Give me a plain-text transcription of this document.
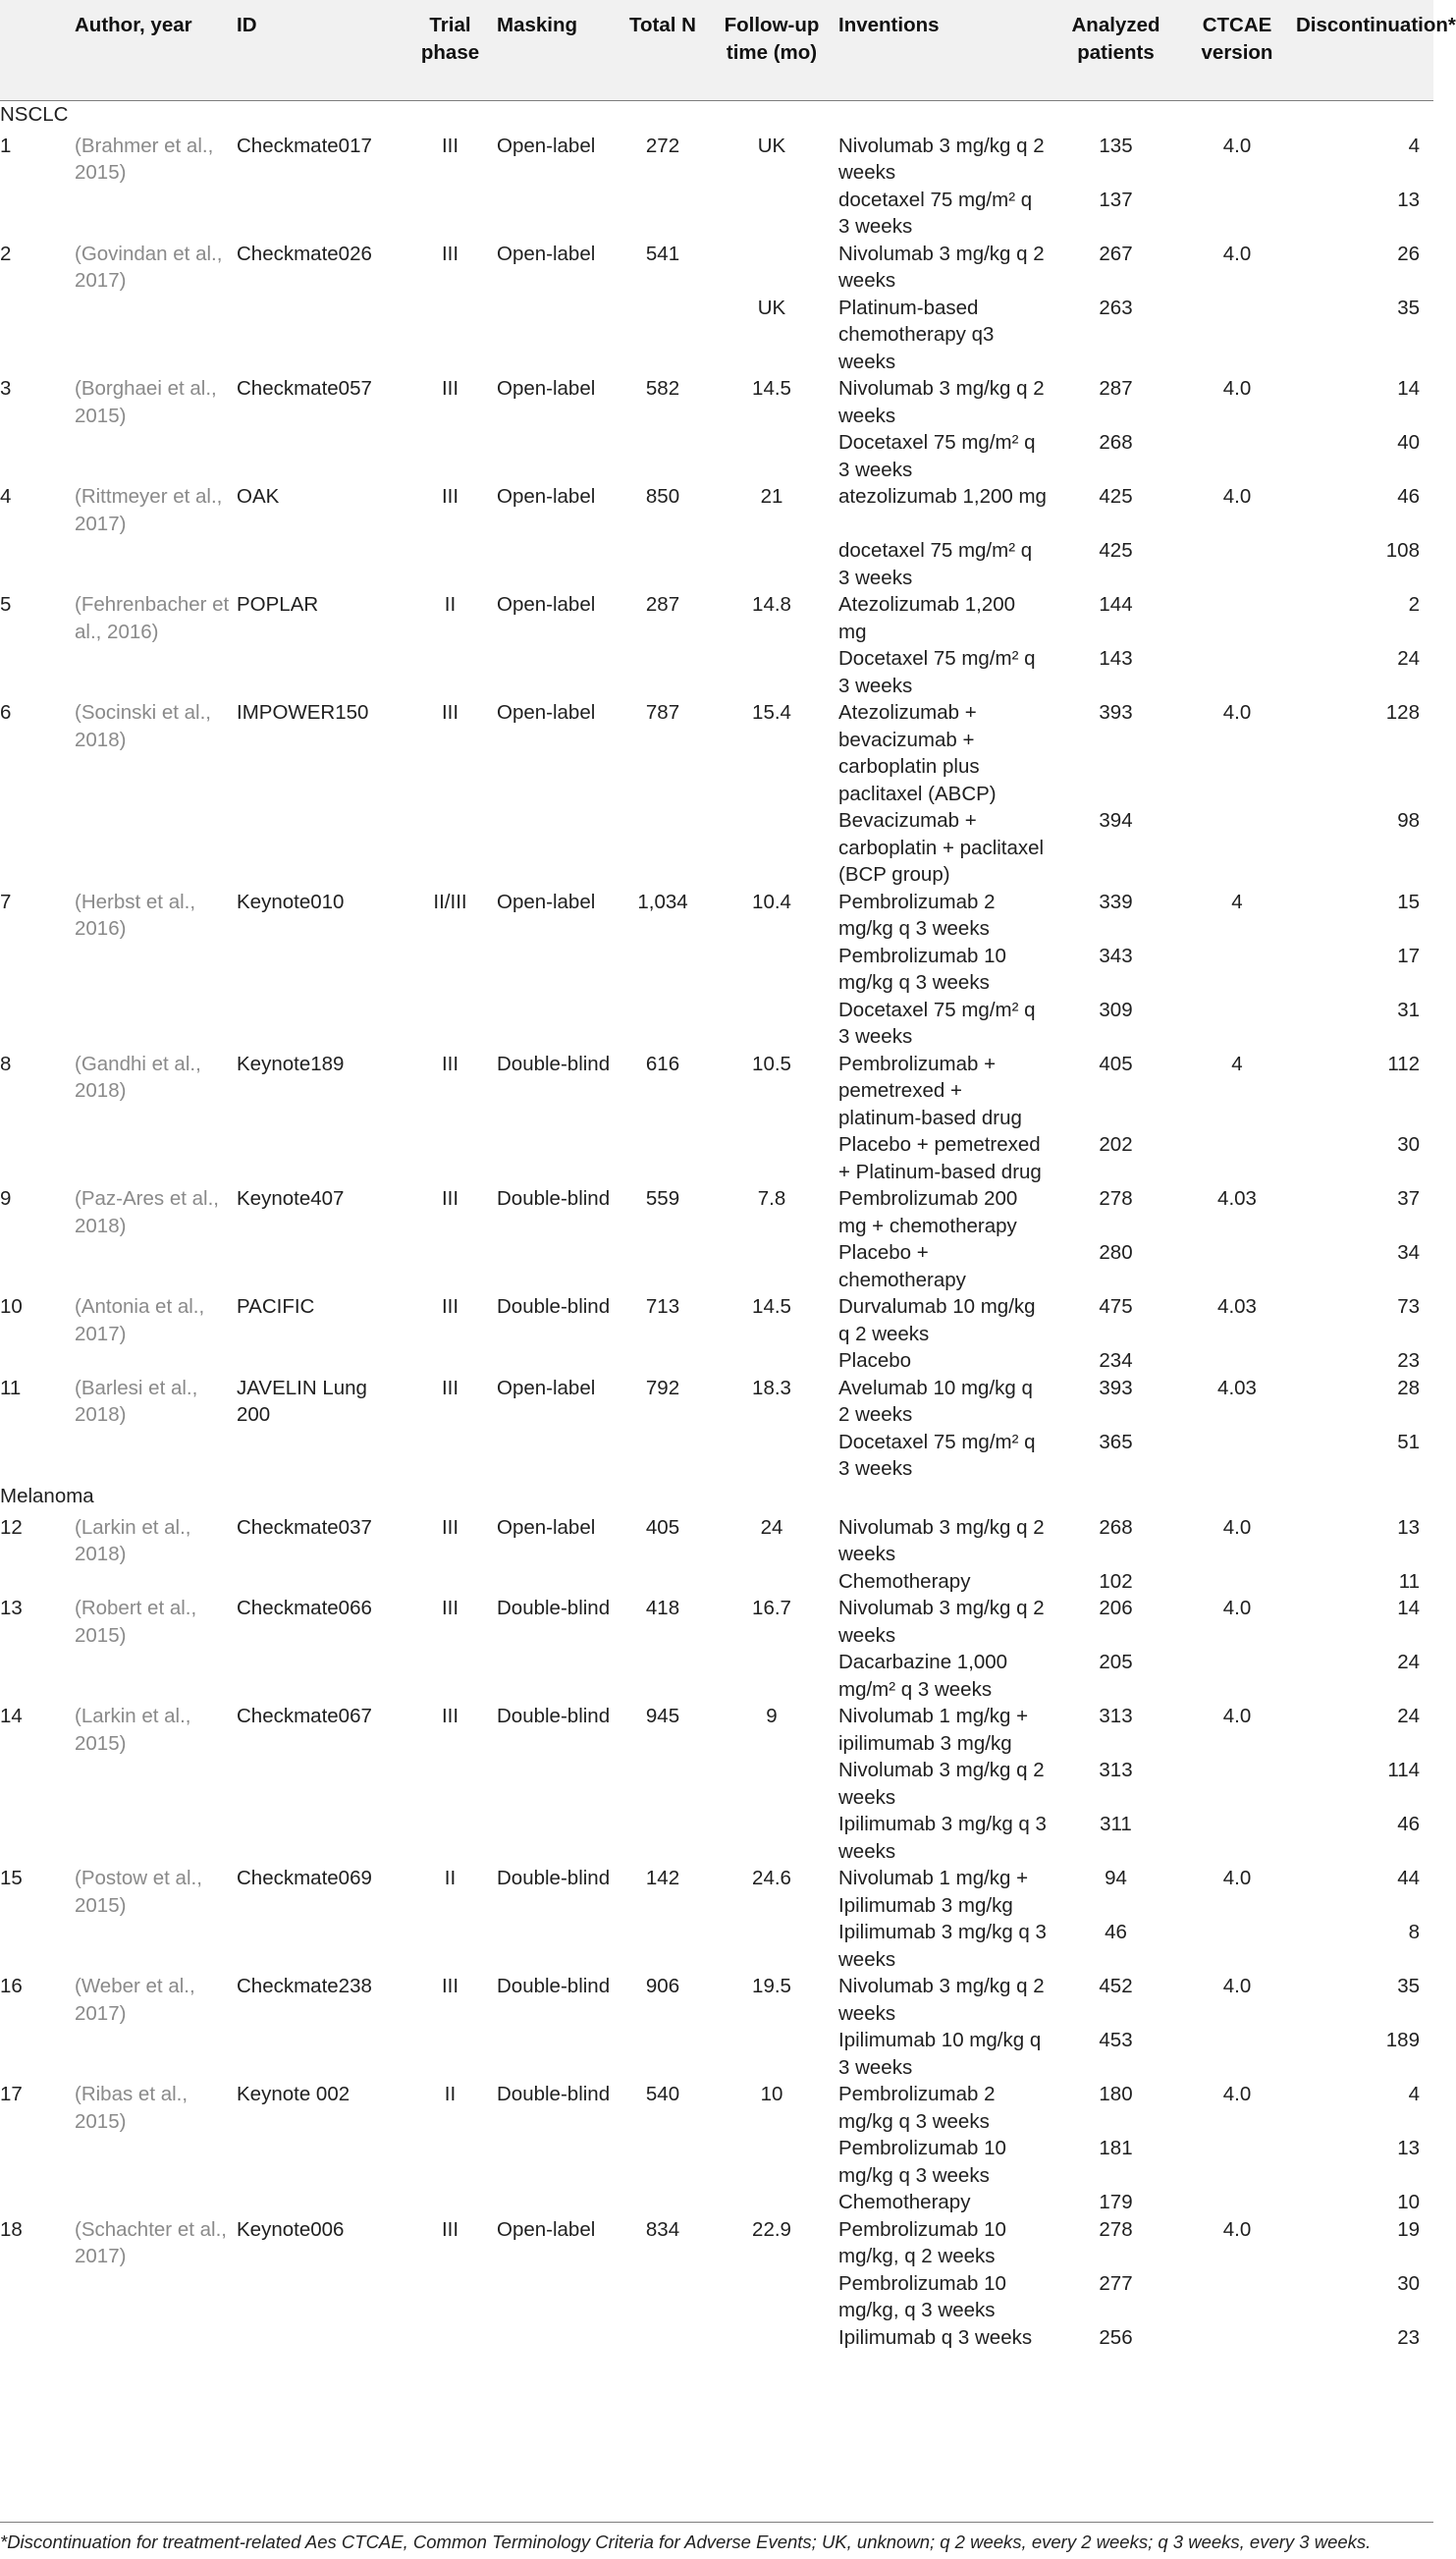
	Author, year	ID	Trial phase	Masking	Total N	Follow-up time (mo)	Inventions	Analyzed patients	CTCAE version	Discontinuation*
NSCLC										
1	(Brahmer et al., 2015)	Checkmate017	III	Open-label	272	UK	Nivolumab 3 mg/kg q 2 weeks	135	4.0	4
							docetaxel 75 mg/m² q 3 weeks	137		13
2	(Govindan et al., 2017)	Checkmate026	III	Open-label	541		Nivolumab 3 mg/kg q 2 weeks	267	4.0	26
						UK	Platinum-based chemotherapy q3 weeks	263		35
3	(Borghaei et al., 2015)	Checkmate057	III	Open-label	582	14.5	Nivolumab 3 mg/kg q 2 weeks	287	4.0	14
							Docetaxel 75 mg/m² q 3 weeks	268		40
4	(Rittmeyer et al., 2017)	OAK	III	Open-label	850	21	atezolizumab 1,200 mg	425	4.0	46
							docetaxel 75 mg/m² q 3 weeks	425		108
5	(Fehrenbacher et al., 2016)	POPLAR	II	Open-label	287	14.8	Atezolizumab 1,200 mg	144		2
							Docetaxel 75 mg/m² q 3 weeks	143		24
6	(Socinski et al., 2018)	IMPOWER150	III	Open-label	787	15.4	Atezolizumab + bevacizumab + carboplatin plus paclitaxel (ABCP)	393	4.0	128
							Bevacizumab + carboplatin + paclitaxel (BCP group)	394		98
7	(Herbst et al., 2016)	Keynote010	II/III	Open-label	1,034	10.4	Pembrolizumab 2 mg/kg q 3 weeks	339	4	15
							Pembrolizumab 10 mg/kg q 3 weeks	343		17
							Docetaxel 75 mg/m² q 3 weeks	309		31
8	(Gandhi et al., 2018)	Keynote189	III	Double-blind	616	10.5	Pembrolizumab + pemetrexed + platinum-based drug	405	4	112
							Placebo + pemetrexed + Platinum-based drug	202		30
9	(Paz-Ares et al., 2018)	Keynote407	III	Double-blind	559	7.8	Pembrolizumab 200 mg + chemotherapy	278	4.03	37
							Placebo + chemotherapy	280		34
10	(Antonia et al., 2017)	PACIFIC	III	Double-blind	713	14.5	Durvalumab 10 mg/kg q 2 weeks	475	4.03	73
							Placebo	234		23
11	(Barlesi et al., 2018)	JAVELIN Lung 200	III	Open-label	792	18.3	Avelumab 10 mg/kg q 2 weeks	393	4.03	28
							Docetaxel 75 mg/m² q 3 weeks	365		51
Melanoma										
12	(Larkin et al., 2018)	Checkmate037	III	Open-label	405	24	Nivolumab 3 mg/kg q 2 weeks	268	4.0	13
							Chemotherapy	102		11
13	(Robert et al., 2015)	Checkmate066	III	Double-blind	418	16.7	Nivolumab 3 mg/kg q 2 weeks	206	4.0	14
							Dacarbazine 1,000 mg/m² q 3 weeks	205		24
14	(Larkin et al., 2015)	Checkmate067	III	Double-blind	945	9	Nivolumab 1 mg/kg + ipilimumab 3 mg/kg	313	4.0	24
							Nivolumab 3 mg/kg q 2 weeks	313		114
							Ipilimumab 3 mg/kg q 3 weeks	311		46
15	(Postow et al., 2015)	Checkmate069	II	Double-blind	142	24.6	Nivolumab 1 mg/kg + Ipilimumab 3 mg/kg	94	4.0	44
							Ipilimumab 3 mg/kg q 3 weeks	46		8
16	(Weber et al., 2017)	Checkmate238	III	Double-blind	906	19.5	Nivolumab 3 mg/kg q 2 weeks	452	4.0	35
							Ipilimumab 10 mg/kg q 3 weeks	453		189
17	(Ribas et al., 2015)	Keynote 002	II	Double-blind	540	10	Pembrolizumab 2 mg/kg q 3 weeks	180	4.0	4
							Pembrolizumab 10 mg/kg q 3 weeks	181		13
							Chemotherapy	179		10
18	(Schachter et al., 2017)	Keynote006	III	Open-label	834	22.9	Pembrolizumab 10 mg/kg, q 2 weeks	278	4.0	19
							Pembrolizumab 10 mg/kg, q 3 weeks	277		30
							Ipilimumab q 3 weeks	256		23
*Discontinuation for treatment-related Aes CTCAE, Common Terminology Criteria for Adverse Events; UK, unknown; q 2 weeks, every 2 weeks; q 3 weeks, every 3 weeks.
